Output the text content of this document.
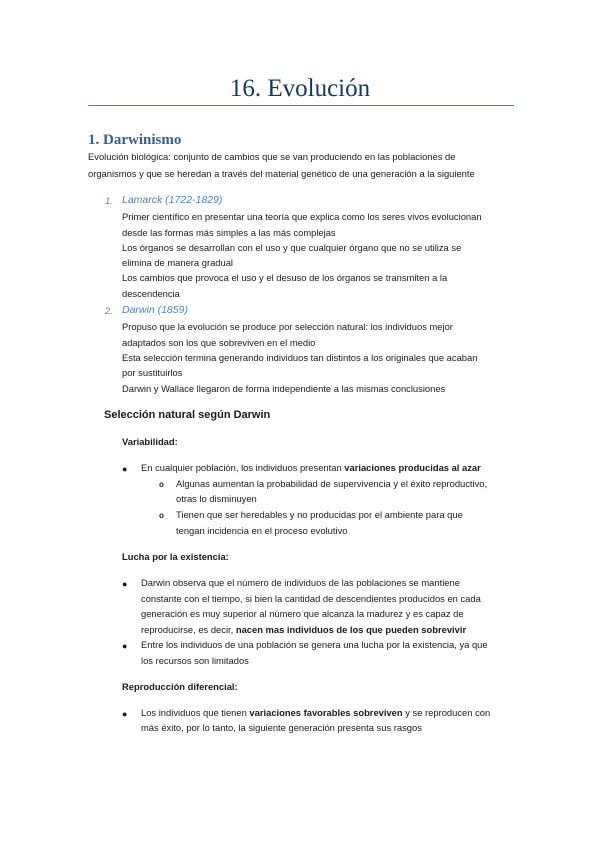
16. Evolución
1. Darwinismo
Evolución biológica: conjunto de cambios que se van produciendo en las poblaciones de
organismos y que se heredan a través del material genético de una generación a la siguiente
1. Lamarck (1722-1829)
Primer científico en presentar una teoría que explica como los seres vivos evolucionan
desde las formas más simples a las más complejas
Los órganos se desarrollan con el uso y que cualquier órgano que no se utiliza se
elimina de manera gradual
Los cambios que provoca el uso y el desuso de los órganos se transmiten a la
descendencia
2. Darwin (1859)
Propuso que la evolución se produce por selección natural: los individuos mejor
adaptados son los que sobreviven en el medio
Esta selección termina generando individuos tan distintos a los originales que acaban
por sustituirlos
Darwin y Wallace llegaron de forma independiente a las mismas conclusiones
Selección natural según Darwin
Variabilidad:
● En cualquier población, los individuos presentan variaciones producidas al azar
o Algunas aumentan la probabilidad de supervivencia y el éxito reproductivo,
otras lo disminuyen
o Tienen que ser heredables y no producidas por el ambiente para que
tengan incidencia en el proceso evolutivo
Lucha por la existencia:
● Darwin observa que el número de individuos de las poblaciones se mantiene
constante con el tiempo, si bien la cantidad de descendientes producidos en cada
generación es muy superior al número que alcanza la madurez y es capaz de
reproducirse, es decir, nacen mas individuos de los que pueden sobrevivir
● Entre los individuos de una población se genera una lucha por la existencia, ya que
los recursos son limitados
Reproducción diferencial:
● Los individuos que tienen variaciones favorables sobreviven y se reproducen con
más éxito, por lo tanto, la siguiente generación presenta sus rasgos
